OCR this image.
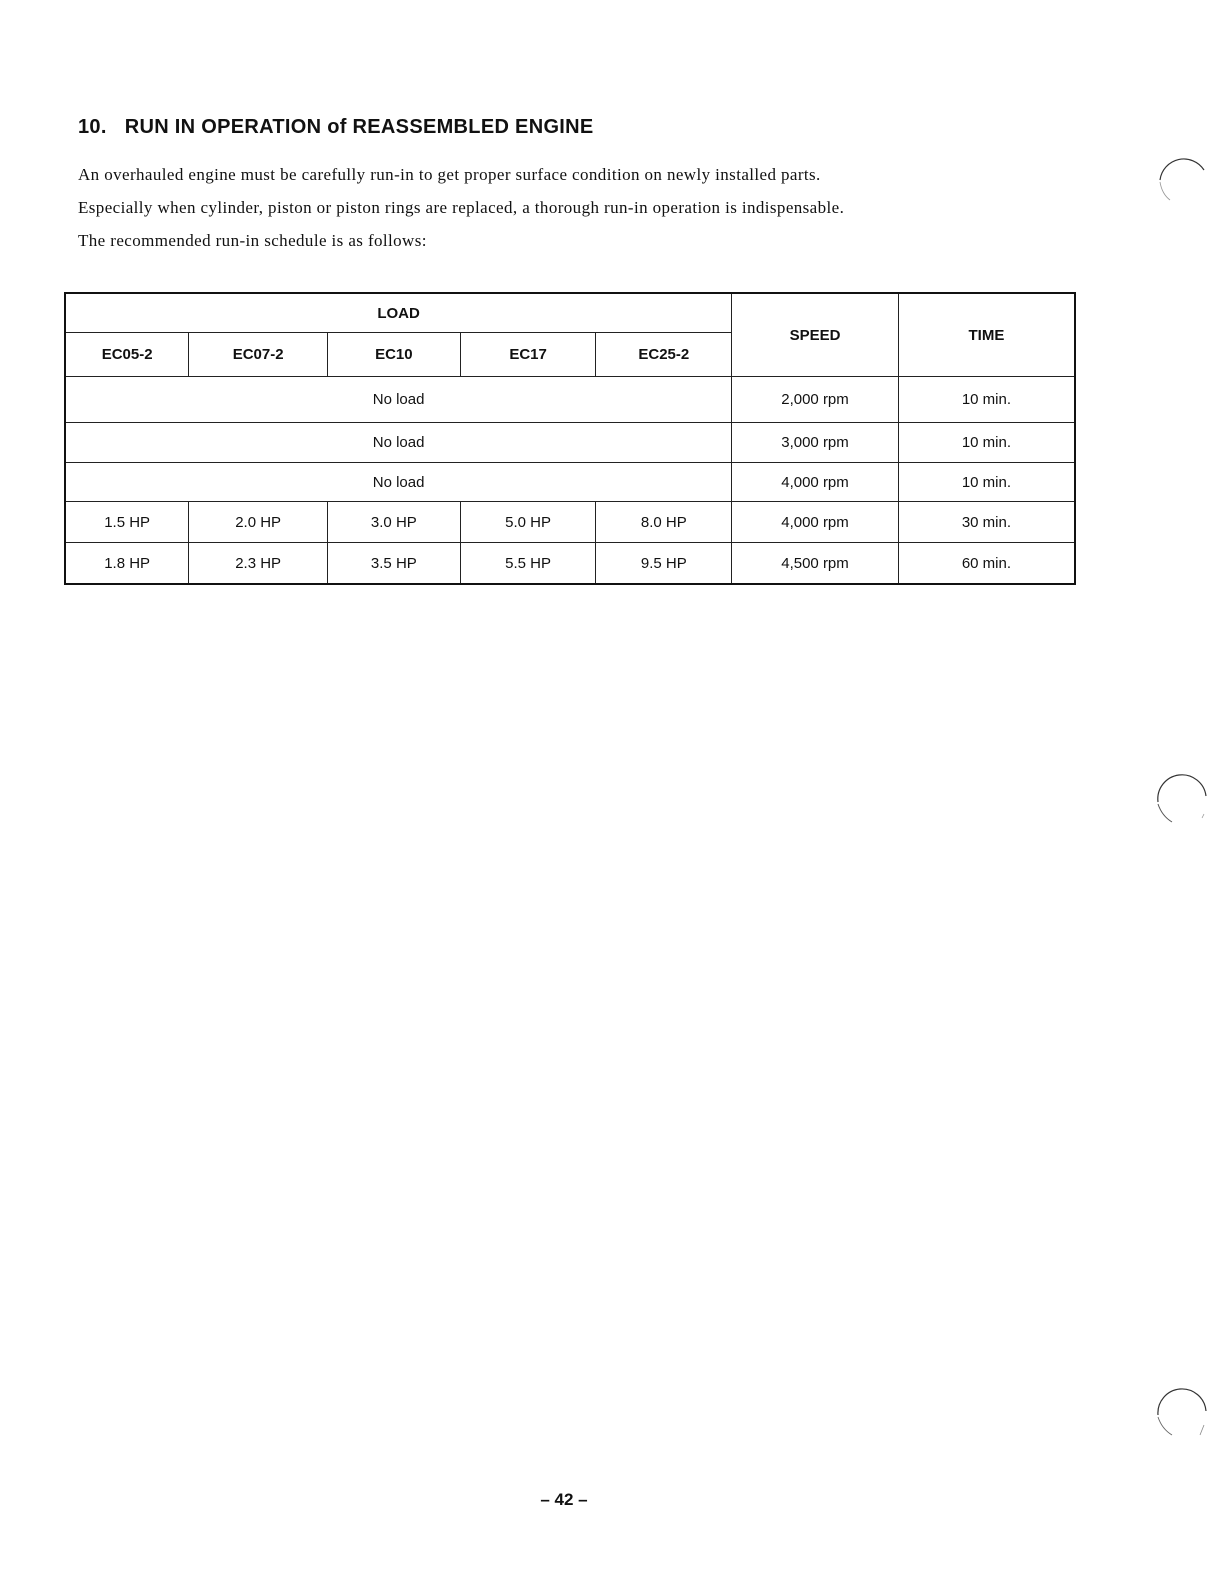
10. RUN IN OPERATION of REASSEMBLED ENGINE

An overhauled engine must be carefully run-in to get proper surface condition on newly installed parts.

Especially when cylinder, piston or piston rings are replaced, a thorough run-in operation is indispensable.

The recommended run-in schedule is as follows:

LOAD					SPEED	TIME
EC05-2	EC07-2	EC10	EC17	EC25-2		
No load					2,000 rpm	10 min.
No load					3,000 rpm	10 min.
No load					4,000 rpm	10 min.
1.5 HP	2.0 HP	3.0 HP	5.0 HP	8.0 HP	4,000 rpm	30 min.
1.8 HP	2.3 HP	3.5 HP	5.5 HP	9.5 HP	4,500 rpm	60 min.
– 42 –
